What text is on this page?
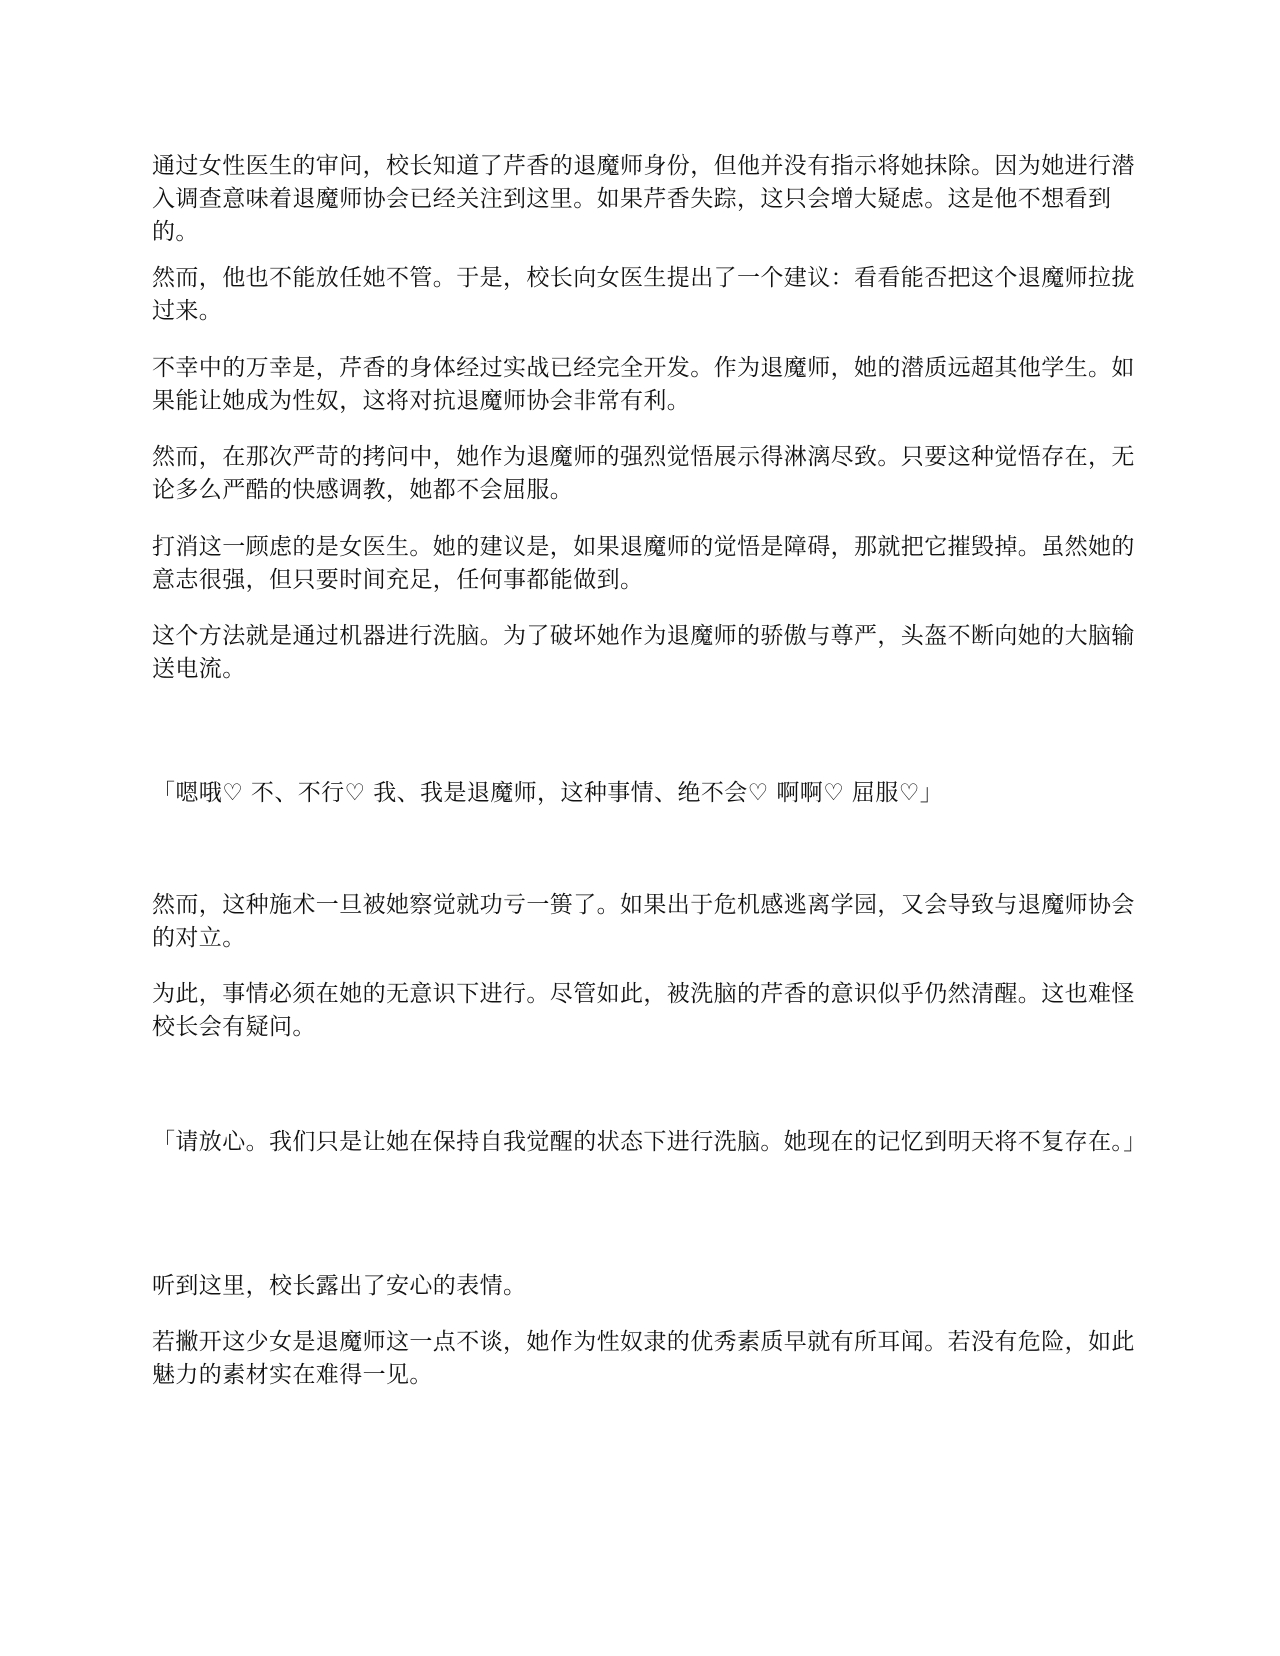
通过女性医生的审问，校长知道了芹香的退魔师身份，但他并没有指示将她抹除。因为她进行潜入调查意味着退魔师协会已经关注到这里。如果芹香失踪，这只会增大疑虑。这是他不想看到的。

然而，他也不能放任她不管。于是，校长向女医生提出了一个建议：看看能否把这个退魔师拉拢过来。

不幸中的万幸是，芹香的身体经过实战已经完全开发。作为退魔师，她的潜质远超其他学生。如果能让她成为性奴，这将对抗退魔师协会非常有利。

然而，在那次严苛的拷问中，她作为退魔师的强烈觉悟展示得淋漓尽致。只要这种觉悟存在，无论多么严酷的快感调教，她都不会屈服。

打消这一顾虑的是女医生。她的建议是，如果退魔师的觉悟是障碍，那就把它摧毁掉。虽然她的意志很强，但只要时间充足，任何事都能做到。

这个方法就是通过机器进行洗脑。为了破坏她作为退魔师的骄傲与尊严，头盔不断向她的大脑输送电流。

「嗯哦♡ 不、不行♡ 我、我是退魔师，这种事情、绝不会♡ 啊啊♡ 屈服♡」

然而，这种施术一旦被她察觉就功亏一篑了。如果出于危机感逃离学园，又会导致与退魔师协会的对立。

为此，事情必须在她的无意识下进行。尽管如此，被洗脑的芹香的意识似乎仍然清醒。这也难怪校长会有疑问。

「请放心。我们只是让她在保持自我觉醒的状态下进行洗脑。她现在的记忆到明天将不复存在。」

听到这里，校长露出了安心的表情。

若撇开这少女是退魔师这一点不谈，她作为性奴隶的优秀素质早就有所耳闻。若没有危险，如此魅力的素材实在难得一见。
